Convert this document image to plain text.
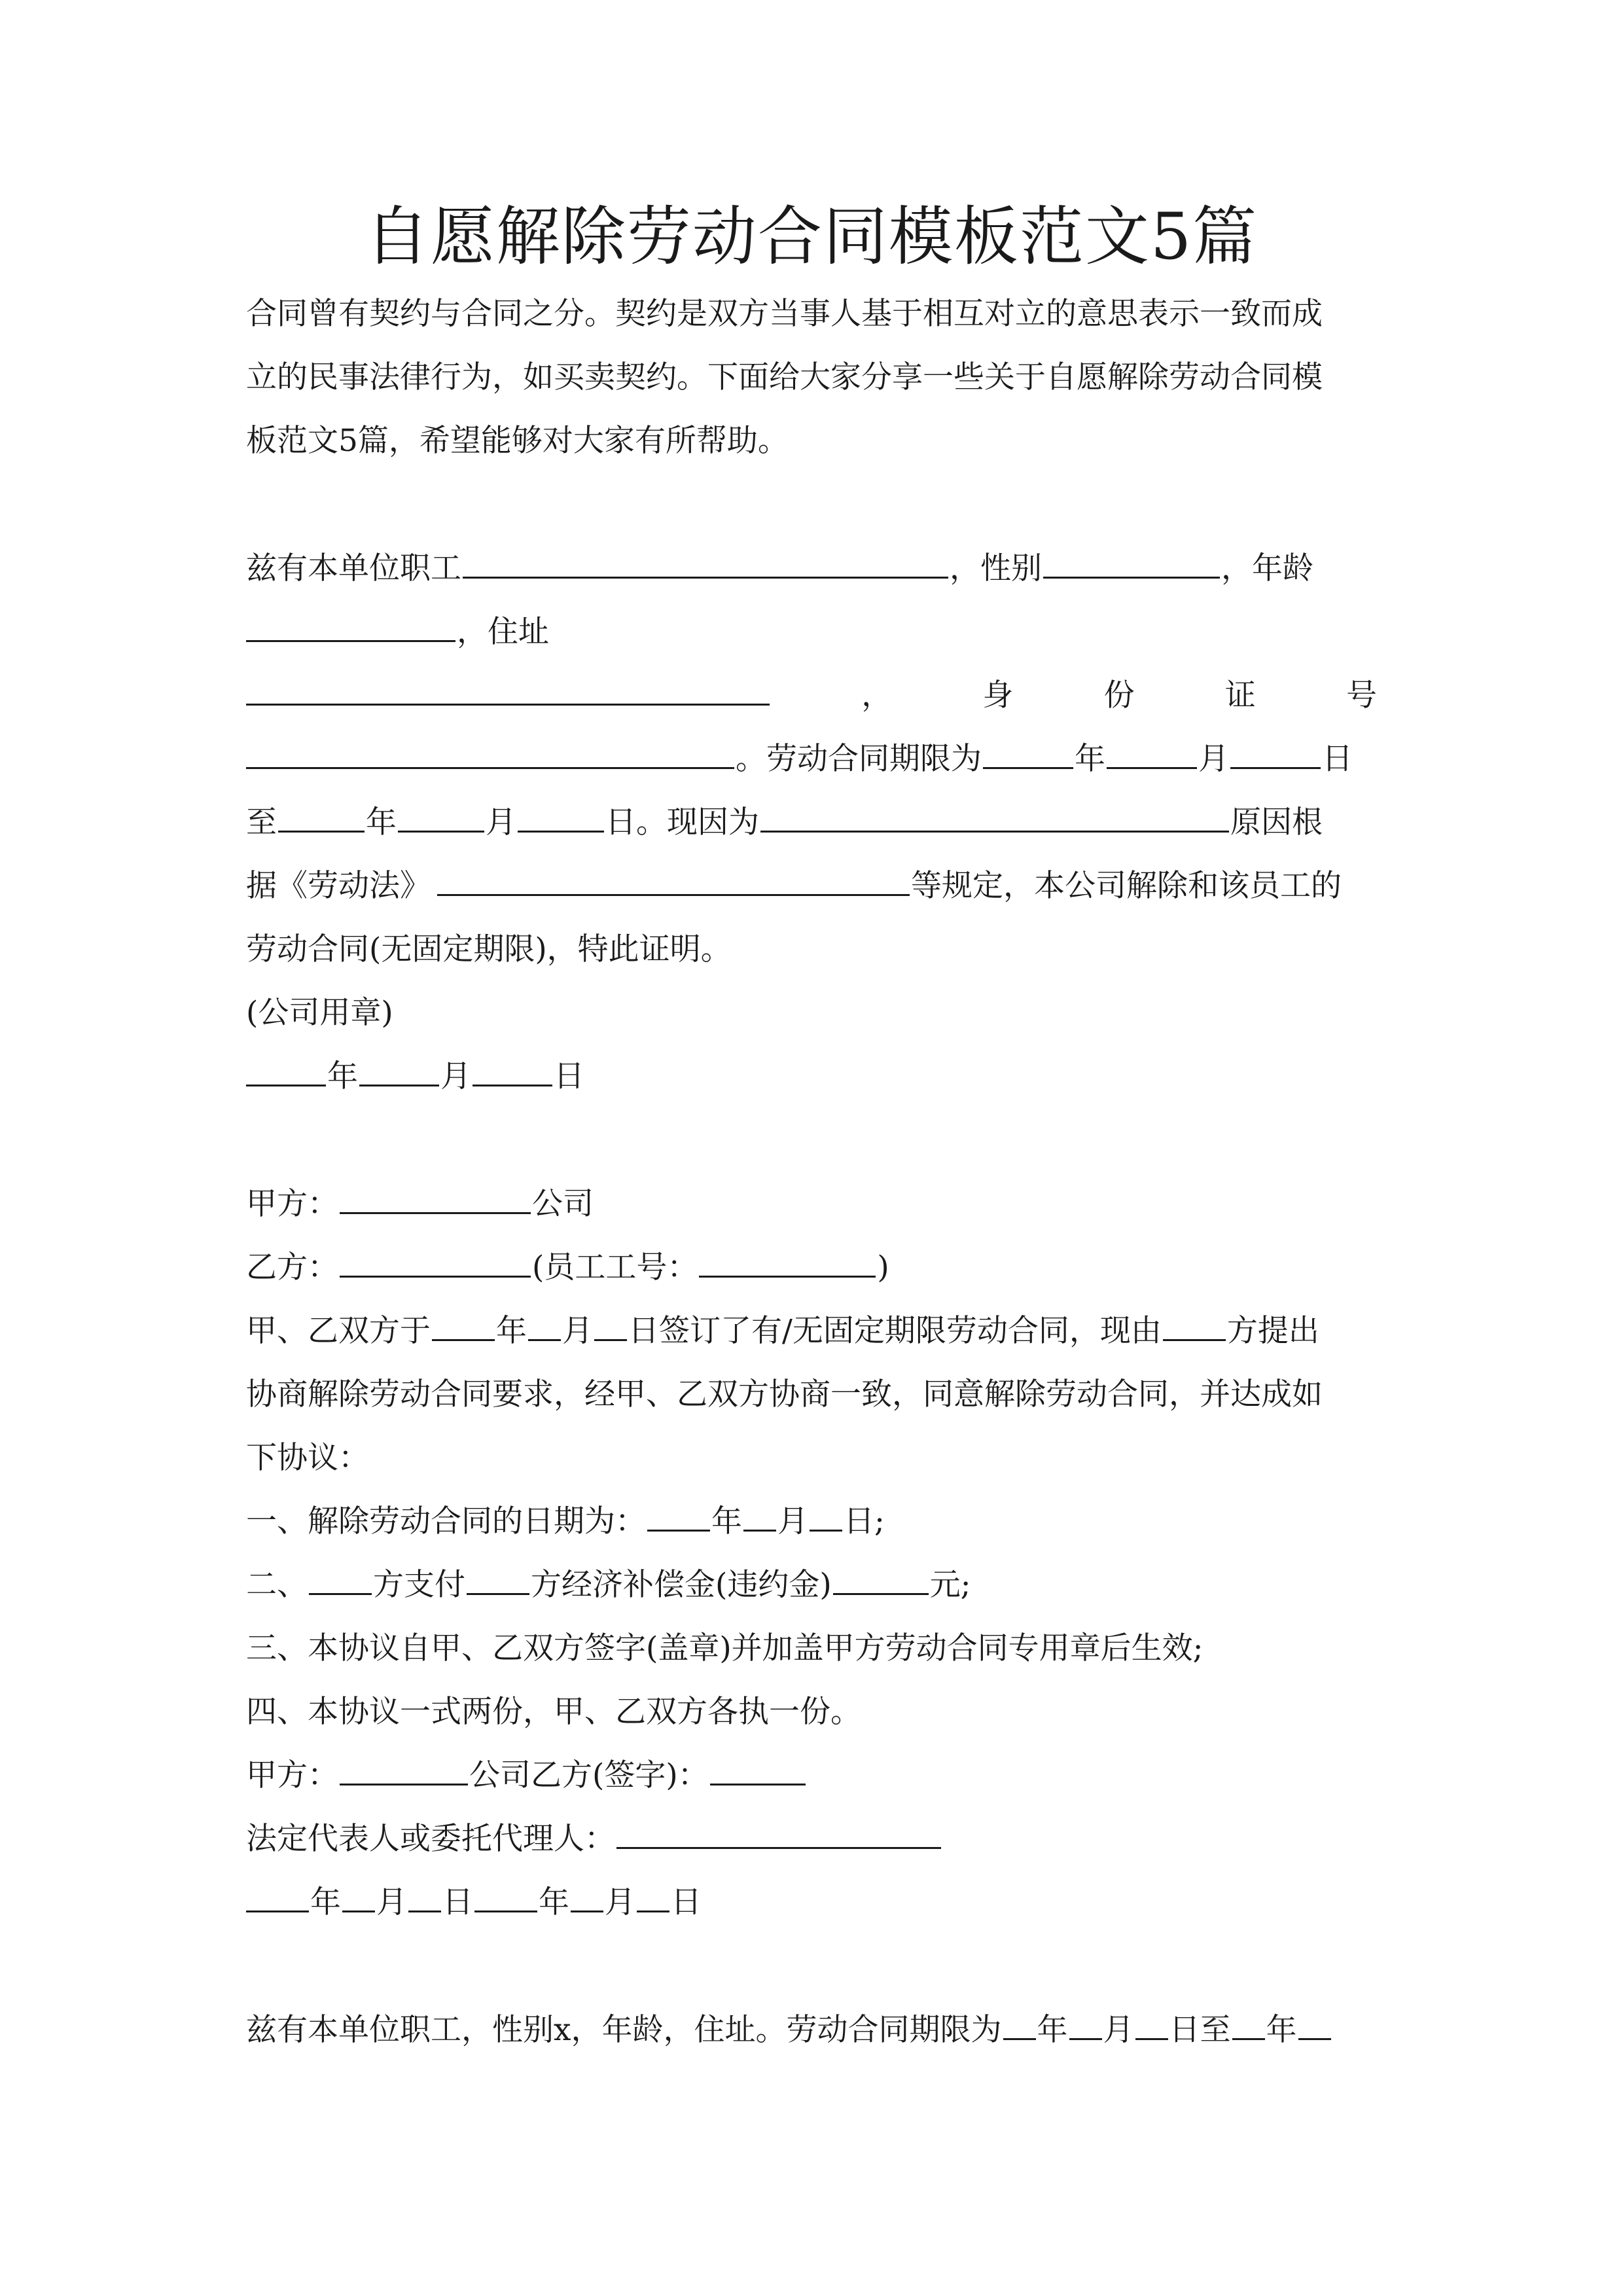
自愿解除劳动合同模板范文5篇
合同曾有契约与合同之分。契约是双方当事人基于相互对立的意思表示一致而成
立的民事法律行为，如买卖契约。下面给大家分享一些关于自愿解除劳动合同模
板范文5篇，希望能够对大家有所帮助。
兹有本单位职工	，性别	，年龄
，住址
，	身	份	证	号
。劳动合同期限为	年	月	日
至	年	月	日。现因为	原因根
据《劳动法》	等规定，本公司解除和该员工的
劳动合同(无固定期限)，特此证明。
(公司用章)
年	月	日
甲方：	公司
乙方：	(员工工号：	)
甲、乙双方于 年 月 日签订了有/无固定期限劳动合同，现由 方提出
协商解除劳动合同要求，经甲、乙双方协商一致，同意解除劳动合同，并达成如
下协议：
一、解除劳动合同的日期为： 年 月 日;
二、 方支付 方经济补偿金(违约金)	元;
三、本协议自甲、乙双方签字(盖章)并加盖甲方劳动合同专用章后生效;
四、本协议一式两份，甲、乙双方各执一份。
甲方：	公司乙方(签字)：
法定代表人或委托代理人：
年 月 日 年 月 日
兹有本单位职工，性别x，年龄，住址。劳动合同期限为 年 月 日至 年
